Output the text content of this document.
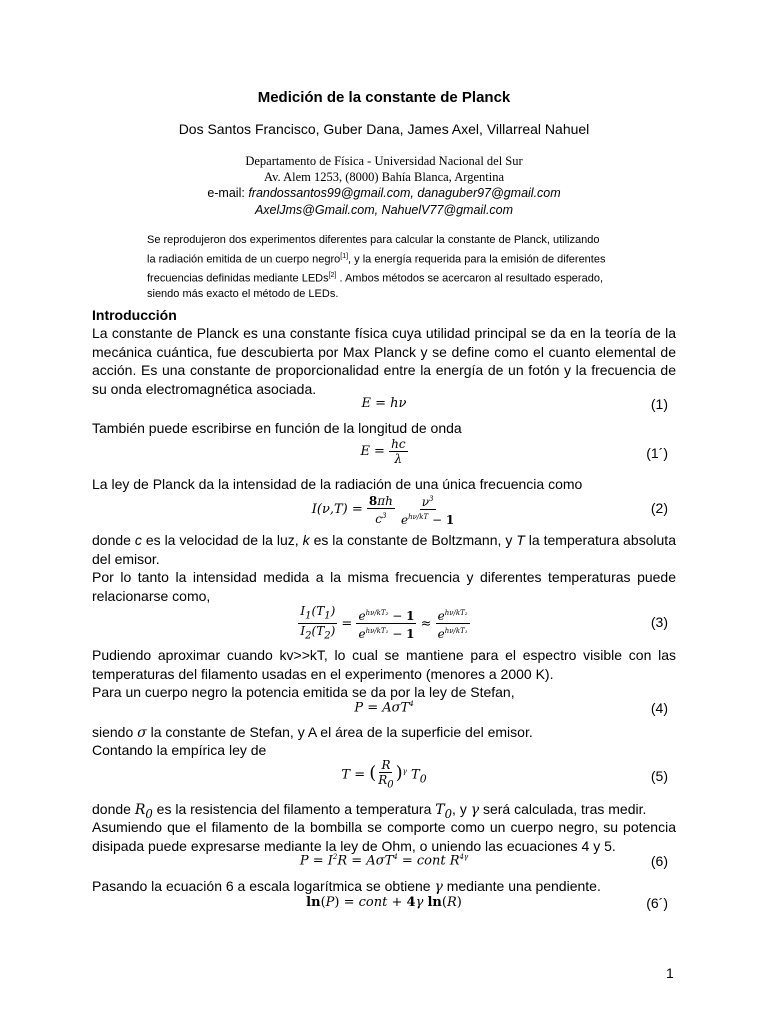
Medición de la constante de Planck
Dos Santos Francisco, Guber Dana, James Axel, Villarreal Nahuel
Departamento de Física - Universidad Nacional del Sur
Av. Alem 1253, (8000) Bahía Blanca, Argentina
e-mail: frandossantos99@gmail.com, danaguber97@gmail.com
AxelJms@Gmail.com, NahuelV77@gmail.com

Se reprodujeron dos experimentos diferentes para calcular la constante de Planck, utilizando

la radiación emitida de un cuerpo negro[1], y la energía requerida para la emisión de diferentes

frecuencias definidas mediante LEDs[2] . Ambos métodos se acercaron al resultado esperado,

siendo más exacto el método de LEDs.

Introducción
La constante de Planck es una constante física cuya utilidad principal se da en la teoría de la mecánica cuántica, fue descubierta por Max Planck y se define como el cuanto elemental de acción. Es una constante de proporcionalidad entre la energía de un fotón y la frecuencia de su onda electromagnética asociada.
E = hν	(1)
También puede escribirse en función de la longitud de onda
$E = \frac{hc}{\lambda}$	(1´)
La ley de Planck da la intensidad de la radiación de una única frecuencia como
$I(\nu,T) = \frac{8\pi h}{c^3}$
$\frac{\nu^3}{e^{h\nu/kT} - 1}$	(2)
donde c es la velocidad de la luz, k es la constante de Boltzmann, y T la temperatura absoluta del emisor.
Por lo tanto la intensidad medida a la misma frecuencia y diferentes temperaturas puede relacionarse como,
$\frac{I_1(T_1)}{I_2(T_2)} = \frac{e^{h\nu/kT_2} - 1}{e^{h\nu/kT_1} - 1} \approx \frac{e^{h\nu/kT_2}}{e^{h\nu/kT_1}}$	(3)
Pudiendo aproximar cuando kv>>kT, lo cual se mantiene para el espectro visible con las temperaturas del filamento usadas en el experimento (menores a 2000 K).
Para un cuerpo negro la potencia emitida se da por la ley de Stefan,
P = AσT$^4$	(4)
siendo σ la constante de Stefan, y A el área de la superficie del emisor.
Contando la empírica ley de
T = ( $\frac{R}{R_0} )^\gamma$ $T_0$	(5)
donde $R_0$ es la resistencia del filamento a temperatura $T_0$, y γ será calculada, tras medir.
Asumiendo que el filamento de la bombilla se comporte como un cuerpo negro, su potencia disipada puede expresarse mediante la ley de Ohm, o uniendo las ecuaciones 4 y 5.
$P = I^2R = A\sigma T^4$ = cont $R^{4\gamma}$	(6)
Pasando la ecuación 6 a escala logarítmica se obtiene γ mediante una pendiente.
ln(P) = cont + 4γ ln(R)	(6´)
1
